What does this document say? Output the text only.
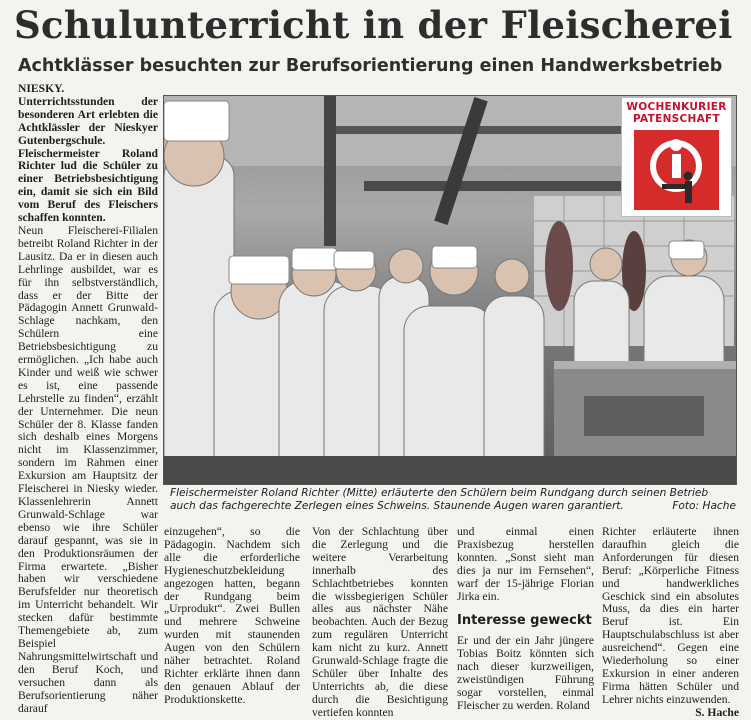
Schulunterricht in der Fleischerei
Achtklässer besuchten zur Berufsorientierung einen Handwerksbetrieb

NIESKY. Unterrichtsstunden der besonderen Art erlebten die Achtklässler der Nieskyer Gutenbergschule. Fleischermeister Roland Richter lud die Schüler zu einer Betriebsbesichtigung ein, damit sie sich ein Bild vom Beruf des Fleischers schaffen konnten.

Neun Fleischerei-Filialen betreibt Roland Richter in der Lausitz. Da er in diesen auch Lehrlinge ausbildet, war es für ihn selbstverständlich, dass er der Bitte der Pädagogin Annett Grunwald-Schlage nachkam, den Schülern eine Betriebsbesichtigung zu ermöglichen. „Ich habe auch Kinder und weiß wie schwer es ist, eine passende Lehrstelle zu finden“, erzählt der Unternehmer. Die neun Schüler der 8. Klasse fanden sich deshalb eines Morgens nicht im Klassenzimmer, sondern im Rahmen einer Exkursion am Hauptsitz der Fleischerei in Niesky wieder. Klassenlehrerin Annett Grunwald-Schlage war ebenso wie ihre Schüler darauf gespannt, was sie in den Produktionsräumen der Firma erwartete. „Bisher haben wir verschiedene Berufsfelder nur theoretisch im Unterricht behandelt. Wir stecken dafür bestimmte Themengebiete ab, zum Beispiel Nahrungsmittelwirtschaft und den Beruf Koch, und versuchen dann als Berufsorientierung näher darauf

WOCHENKURIER
PATENSCHAFT
Fleischermeister Roland Richter (Mitte) erläuterte den Schülern beim Rundgang durch seinen Betrieb auch das fachgerechte Zerlegen eines Schweins. Staunende Augen waren garantiert.	Foto: Hache

einzugehen“, so die Pädagogin. Nachdem sich alle die erforderliche Hygieneschutzbekleidung angezogen hatten, begann der Rundgang beim „Urprodukt“. Zwei Bullen und mehrere Schweine wurden mit staunenden Augen von den Schülern näher betrachtet. Roland Richter erklärte ihnen dann den genauen Ablauf der Produktionskette.

Von der Schlachtung über die Zerlegung und die weitere Verarbeitung innerhalb des Schlachtbetriebes konnten die wissbegierigen Schüler alles aus nächster Nähe beobachten. Auch der Bezug zum regulären Unterricht kam nicht zu kurz. Annett Grunwald-Schlage fragte die Schüler über Inhalte des Unterrichts ab, die diese durch die Besichtigung vertiefen konnten

und einmal einen Praxisbezug herstellen konnten. „Sonst sieht man dies ja nur im Fernsehen“, warf der 15-jährige Florian Jirka ein.

Interesse geweckt

Er und der ein Jahr jüngere Tobias Boitz könnten sich nach dieser kurzweiligen, zweistündigen Führung sogar vorstellen, einmal Fleischer zu werden. Roland

Richter erläuterte ihnen daraufhin gleich die Anforderungen für diesen Beruf: „Körperliche Fitness und handwerkliches Geschick sind ein absolutes Muss, da dies ein harter Beruf ist. Ein Hauptschulabschluss ist aber ausreichend“. Gegen eine Wiederholung so einer Exkursion in einer anderen Firma hätten Schüler und Lehrer nichts einzuwenden.

S. Hache
